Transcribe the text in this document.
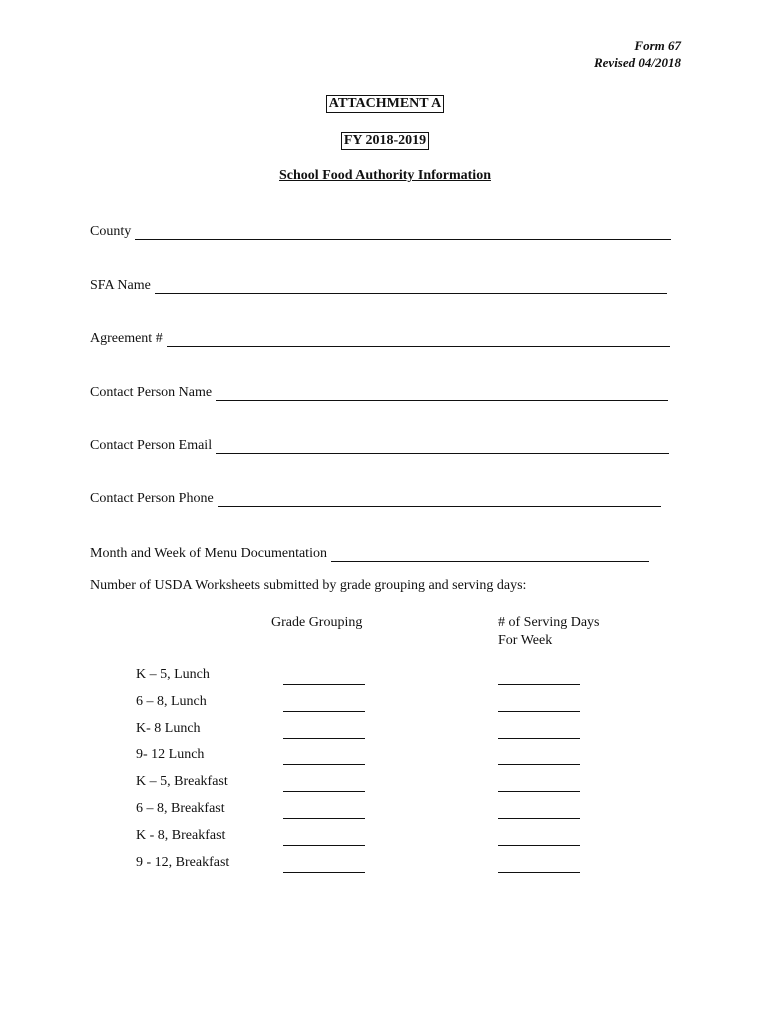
Form 67
Revised 04/2018
ATTACHMENT A
FY 2018-2019
School Food Authority Information
County
SFA Name
Agreement #
Contact Person Name
Contact Person Email
Contact Person Phone
Month and Week of Menu Documentation
Number of USDA Worksheets submitted by grade grouping and serving days:
Grade Grouping	# of Serving Days
For Week
K – 5, Lunch
6 – 8, Lunch
K- 8 Lunch
9- 12 Lunch
K – 5, Breakfast
6 – 8, Breakfast
K - 8, Breakfast
9 - 12, Breakfast
